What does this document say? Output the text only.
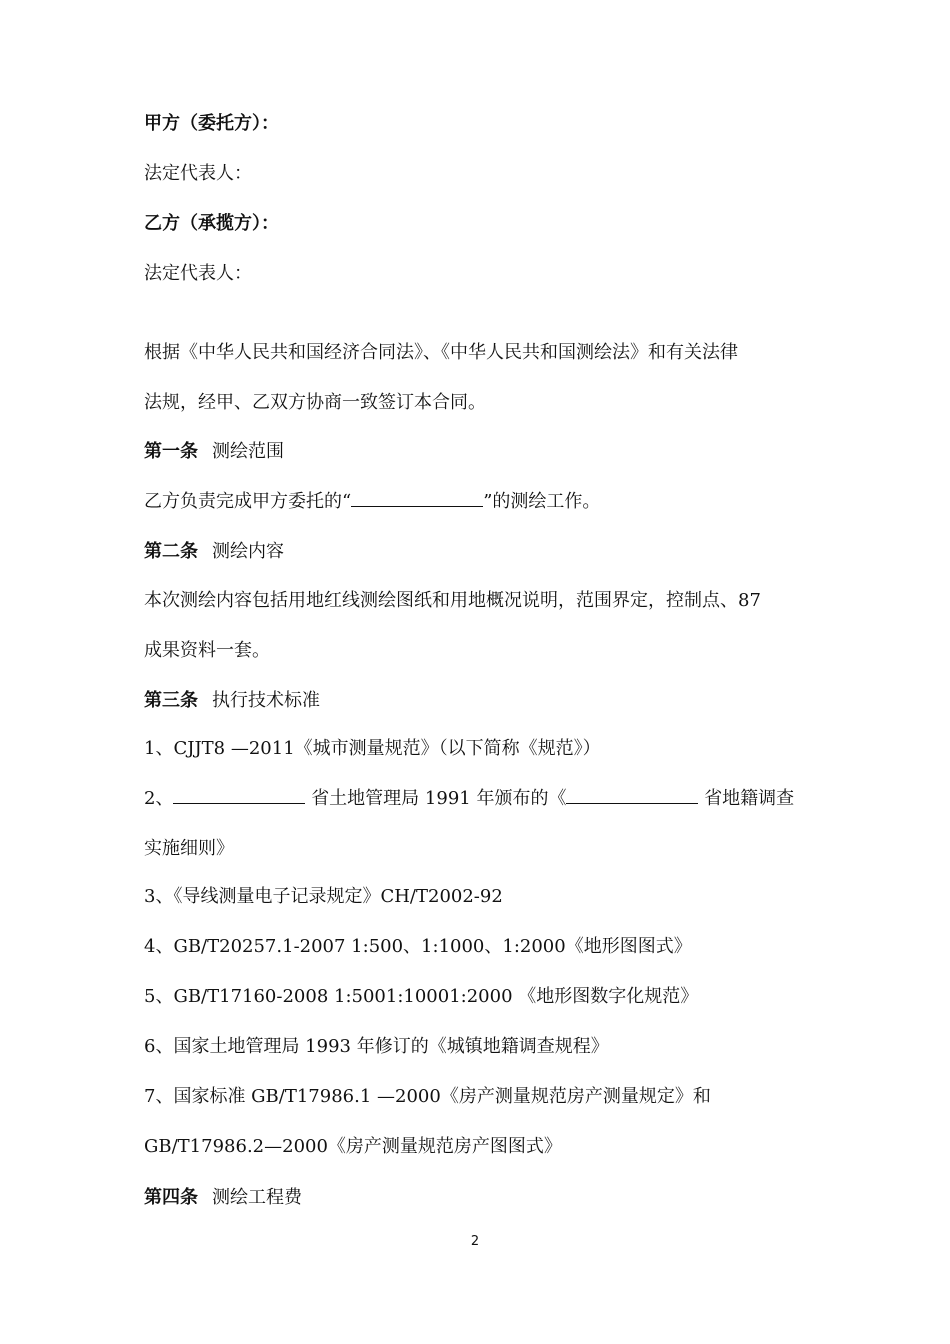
甲方（委托方）：
法定代表人：
乙方（承揽方）：
法定代表人：
根据《中华人民共和国经济合同法》、《中华人民共和国测绘法》和有关法律
法规，经甲、乙双方协商一致签订本合同。
第一条 测绘范围
乙方负责完成甲方委托的“	”的测绘工作。
第二条 测绘内容
本次测绘内容包括用地红线测绘图纸和用地概况说明，范围界定，控制点、87
成果资料一套。
第三条 执行技术标准
1、CJJT8 —2011《城市测量规范》（以下简称《规范》）
2、	省土地管理局 1991 年颁布的《	省地籍调查
实施细则》
3、《导线测量电子记录规定》CH/T2002-92
4、GB/T20257.1-2007 1:500、1:1000、1:2000《地形图图式》
5、GB/T17160-2008 1:5001:10001:2000 《地形图数字化规范》
6、国家土地管理局 1993 年修订的《城镇地籍调查规程》
7、国家标准 GB/T17986.1 —2000《房产测量规范房产测量规定》和
GB/T17986.2—2000《房产测量规范房产图图式》
第四条 测绘工程费
2
